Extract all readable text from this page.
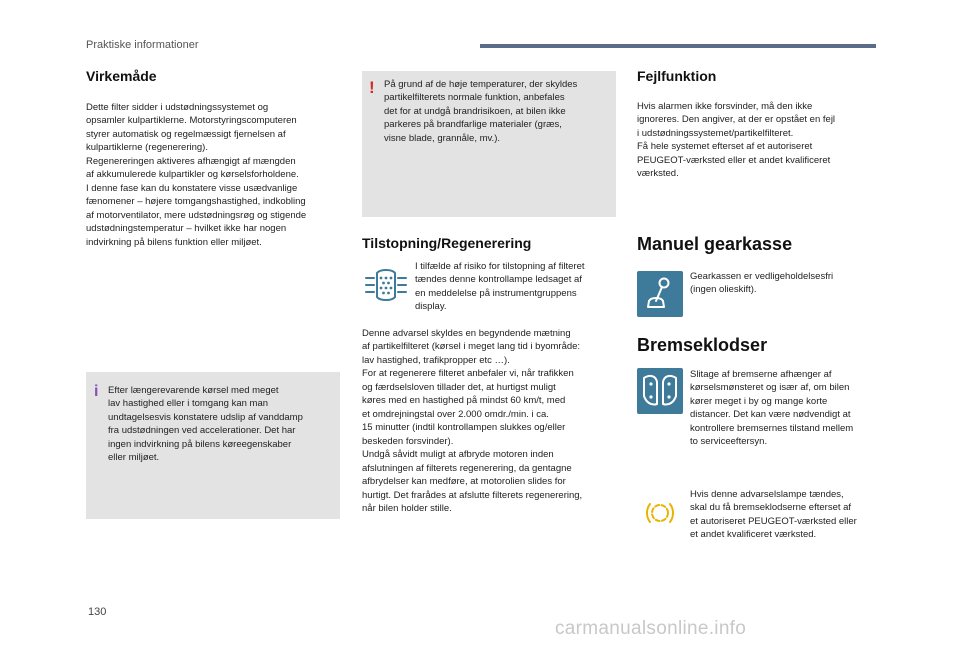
Praktiske informationer
Virkemåde
Dette filter sidder i udstødningssystemet og
opsamler kulpartiklerne. Motorstyringscomputeren
styrer automatisk og regelmæssigt fjernelsen af
kulpartiklerne (regenerering).
Regenereringen aktiveres afhængigt af mængden
af akkumulerede kulpartikler og kørselsforholdene.
I denne fase kan du konstatere visse usædvanlige
fænomener – højere tomgangshastighed, indkobling
af motorventilator, mere udstødningsrøg og stigende
udstødningstemperatur – hvilket ikke har nogen
indvirkning på bilens funktion eller miljøet.
i Efter længerevarende kørsel med meget
lav hastighed eller i tomgang kan man
undtagelsesvis konstatere udslip af vanddamp
fra udstødningen ved accelerationer. Det har
ingen indvirkning på bilens køreegenskaber
eller miljøet.
! På grund af de høje temperaturer, der skyldes
partikelfilterets normale funktion, anbefales
det for at undgå brandrisikoen, at bilen ikke
parkeres på brandfarlige materialer (græs,
visne blade, grannåle, mv.).
Tilstopning/Regenerering
I tilfælde af risiko for tilstopning af filteret
tændes denne kontrollampe ledsaget af
en meddelelse på instrumentgruppens
display.
Denne advarsel skyldes en begyndende mætning
af partikelfilteret (kørsel i meget lang tid i byområde:
lav hastighed, trafikpropper etc …).
For at regenerere filteret anbefaler vi, når trafikken
og færdselsloven tillader det, at hurtigst muligt
køres med en hastighed på mindst 60 km/t, med
et omdrejningstal over 2.000 omdr./min. i ca.
15 minutter (indtil kontrollampen slukkes og/eller
beskeden forsvinder).
Undgå såvidt muligt at afbryde motoren inden
afslutningen af filterets regenerering, da gentagne
afbrydelser kan medføre, at motorolien slides for
hurtigt. Det frarådes at afslutte filterets regenerering,
når bilen holder stille.
Fejlfunktion
Hvis alarmen ikke forsvinder, må den ikke
ignoreres. Den angiver, at der er opstået en fejl
i udstødningssystemet/partikelfilteret.
Få hele systemet efterset af et autoriseret
PEUGEOT-værksted eller et andet kvalificeret
værksted.
Manuel gearkasse
Gearkassen er vedligeholdelsesfri
(ingen olieskift).
Bremseklodser
Slitage af bremserne afhænger af
kørselsmønsteret og især af, om bilen
kører meget i by og mange korte
distancer. Det kan være nødvendigt at
kontrollere bremsernes tilstand mellem
to serviceeftersyn.
Hvis denne advarselslampe tændes,
skal du få bremseklodserne efterset af
et autoriseret PEUGEOT-værksted eller
et andet kvalificeret værksted.
130
carmanualsonline.info
